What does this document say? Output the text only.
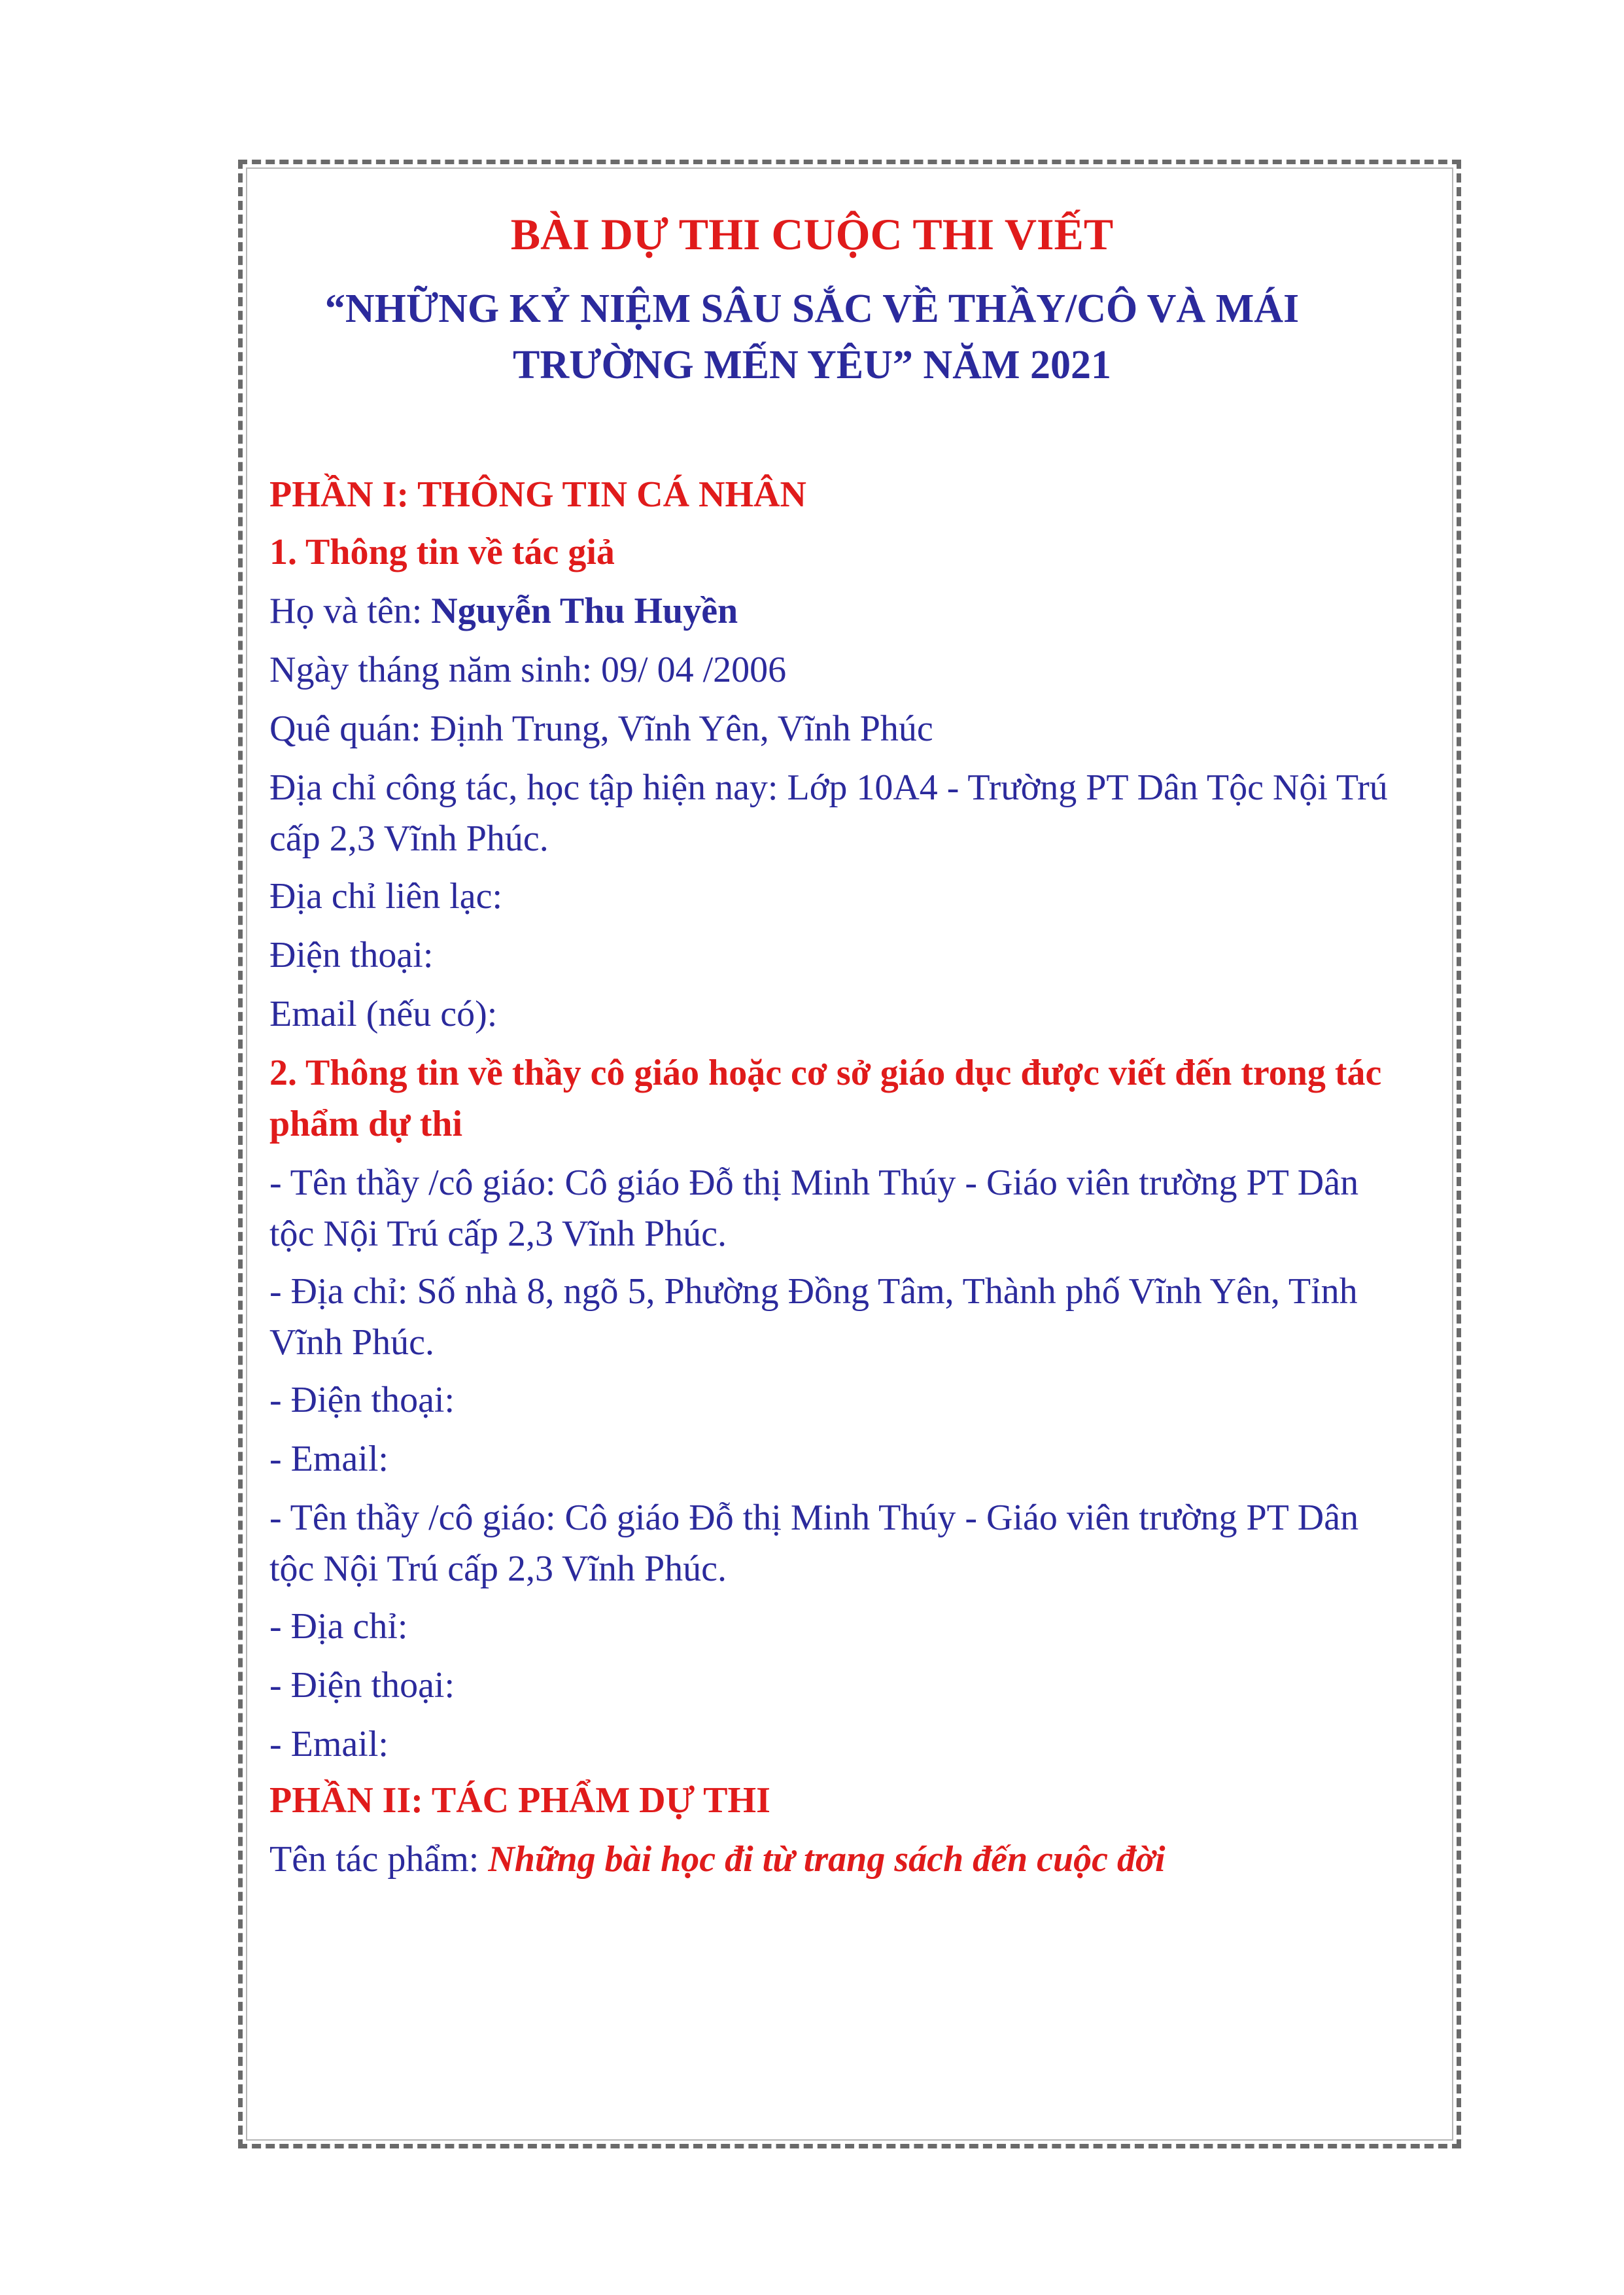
BÀI DỰ THI CUỘC THI VIẾT
“NHỮNG KỶ NIỆM SÂU SẮC VỀ THẦY/CÔ VÀ MÁI
TRƯỜNG MẾN YÊU” NĂM 2021
PHẦN I: THÔNG TIN CÁ NHÂN
1. Thông tin về tác giả
Họ và tên: Nguyễn Thu Huyền
Ngày tháng năm sinh: 09/ 04 /2006
Quê quán: Định Trung, Vĩnh Yên, Vĩnh Phúc
Địa chỉ công tác, học tập hiện nay: Lớp 10A4 - Trường PT Dân Tộc Nội Trú
cấp 2,3 Vĩnh Phúc.
Địa chỉ liên lạc:
Điện thoại:
Email (nếu có):
2. Thông tin về thầy cô giáo hoặc cơ sở giáo dục được viết đến trong tác
phẩm dự thi
- Tên thầy /cô giáo: Cô giáo Đỗ thị Minh Thúy - Giáo viên trường PT Dân
tộc Nội Trú cấp 2,3 Vĩnh Phúc.
- Địa chỉ: Số nhà 8, ngõ 5, Phường Đồng Tâm, Thành phố Vĩnh Yên, Tỉnh
Vĩnh Phúc.
- Điện thoại:
- Email:
- Tên thầy /cô giáo: Cô giáo Đỗ thị Minh Thúy - Giáo viên trường PT Dân
tộc Nội Trú cấp 2,3 Vĩnh Phúc.
- Địa chỉ:
- Điện thoại:
- Email:
PHẦN II: TÁC PHẨM DỰ THI
Tên tác phẩm: Những bài học đi từ trang sách đến cuộc đời
